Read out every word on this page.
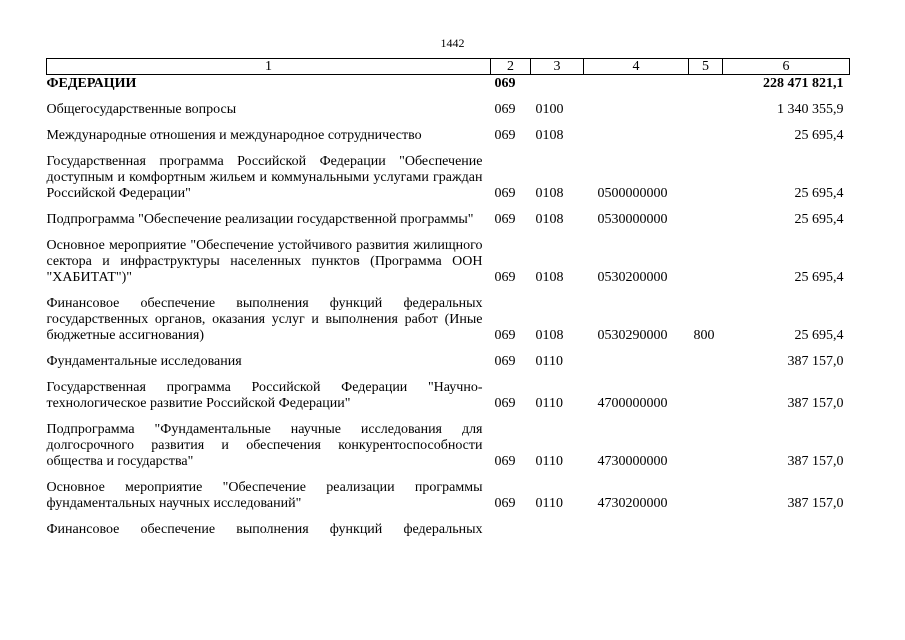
1442
1	2	3	4	5	6
ФЕДЕРАЦИИ	069				228 471 821,1
Общегосударственные вопросы	069	0100			1 340 355,9
Международные отношения и международное сотрудничество	069	0108			25 695,4
Государственная программа Российской Федерации "Обеспечение доступным и комфортным жильем и коммунальными услугами граждан Российской Федерации"	069	0108	0500000000		25 695,4
Подпрограмма "Обеспечение реализации государственной программы"	069	0108	0530000000		25 695,4
Основное мероприятие "Обеспечение устойчивого развития жилищного сектора и инфраструктуры населенных пунктов (Программа ООН "ХАБИТАТ")"	069	0108	0530200000		25 695,4
Финансовое обеспечение выполнения функций федеральных государственных органов, оказания услуг и выполнения работ (Иные бюджетные ассигнования)	069	0108	0530290000	800	25 695,4
Фундаментальные исследования	069	0110			387 157,0
Государственная программа Российской Федерации "Научно-технологическое развитие Российской Федерации"	069	0110	4700000000		387 157,0
Подпрограмма "Фундаментальные научные исследования для долгосрочного развития и обеспечения конкурентоспособности общества и государства"	069	0110	4730000000		387 157,0
Основное мероприятие "Обеспечение реализации программы фундаментальных научных исследований"	069	0110	4730200000		387 157,0
Финансовое обеспечение выполнения функций федеральных					
